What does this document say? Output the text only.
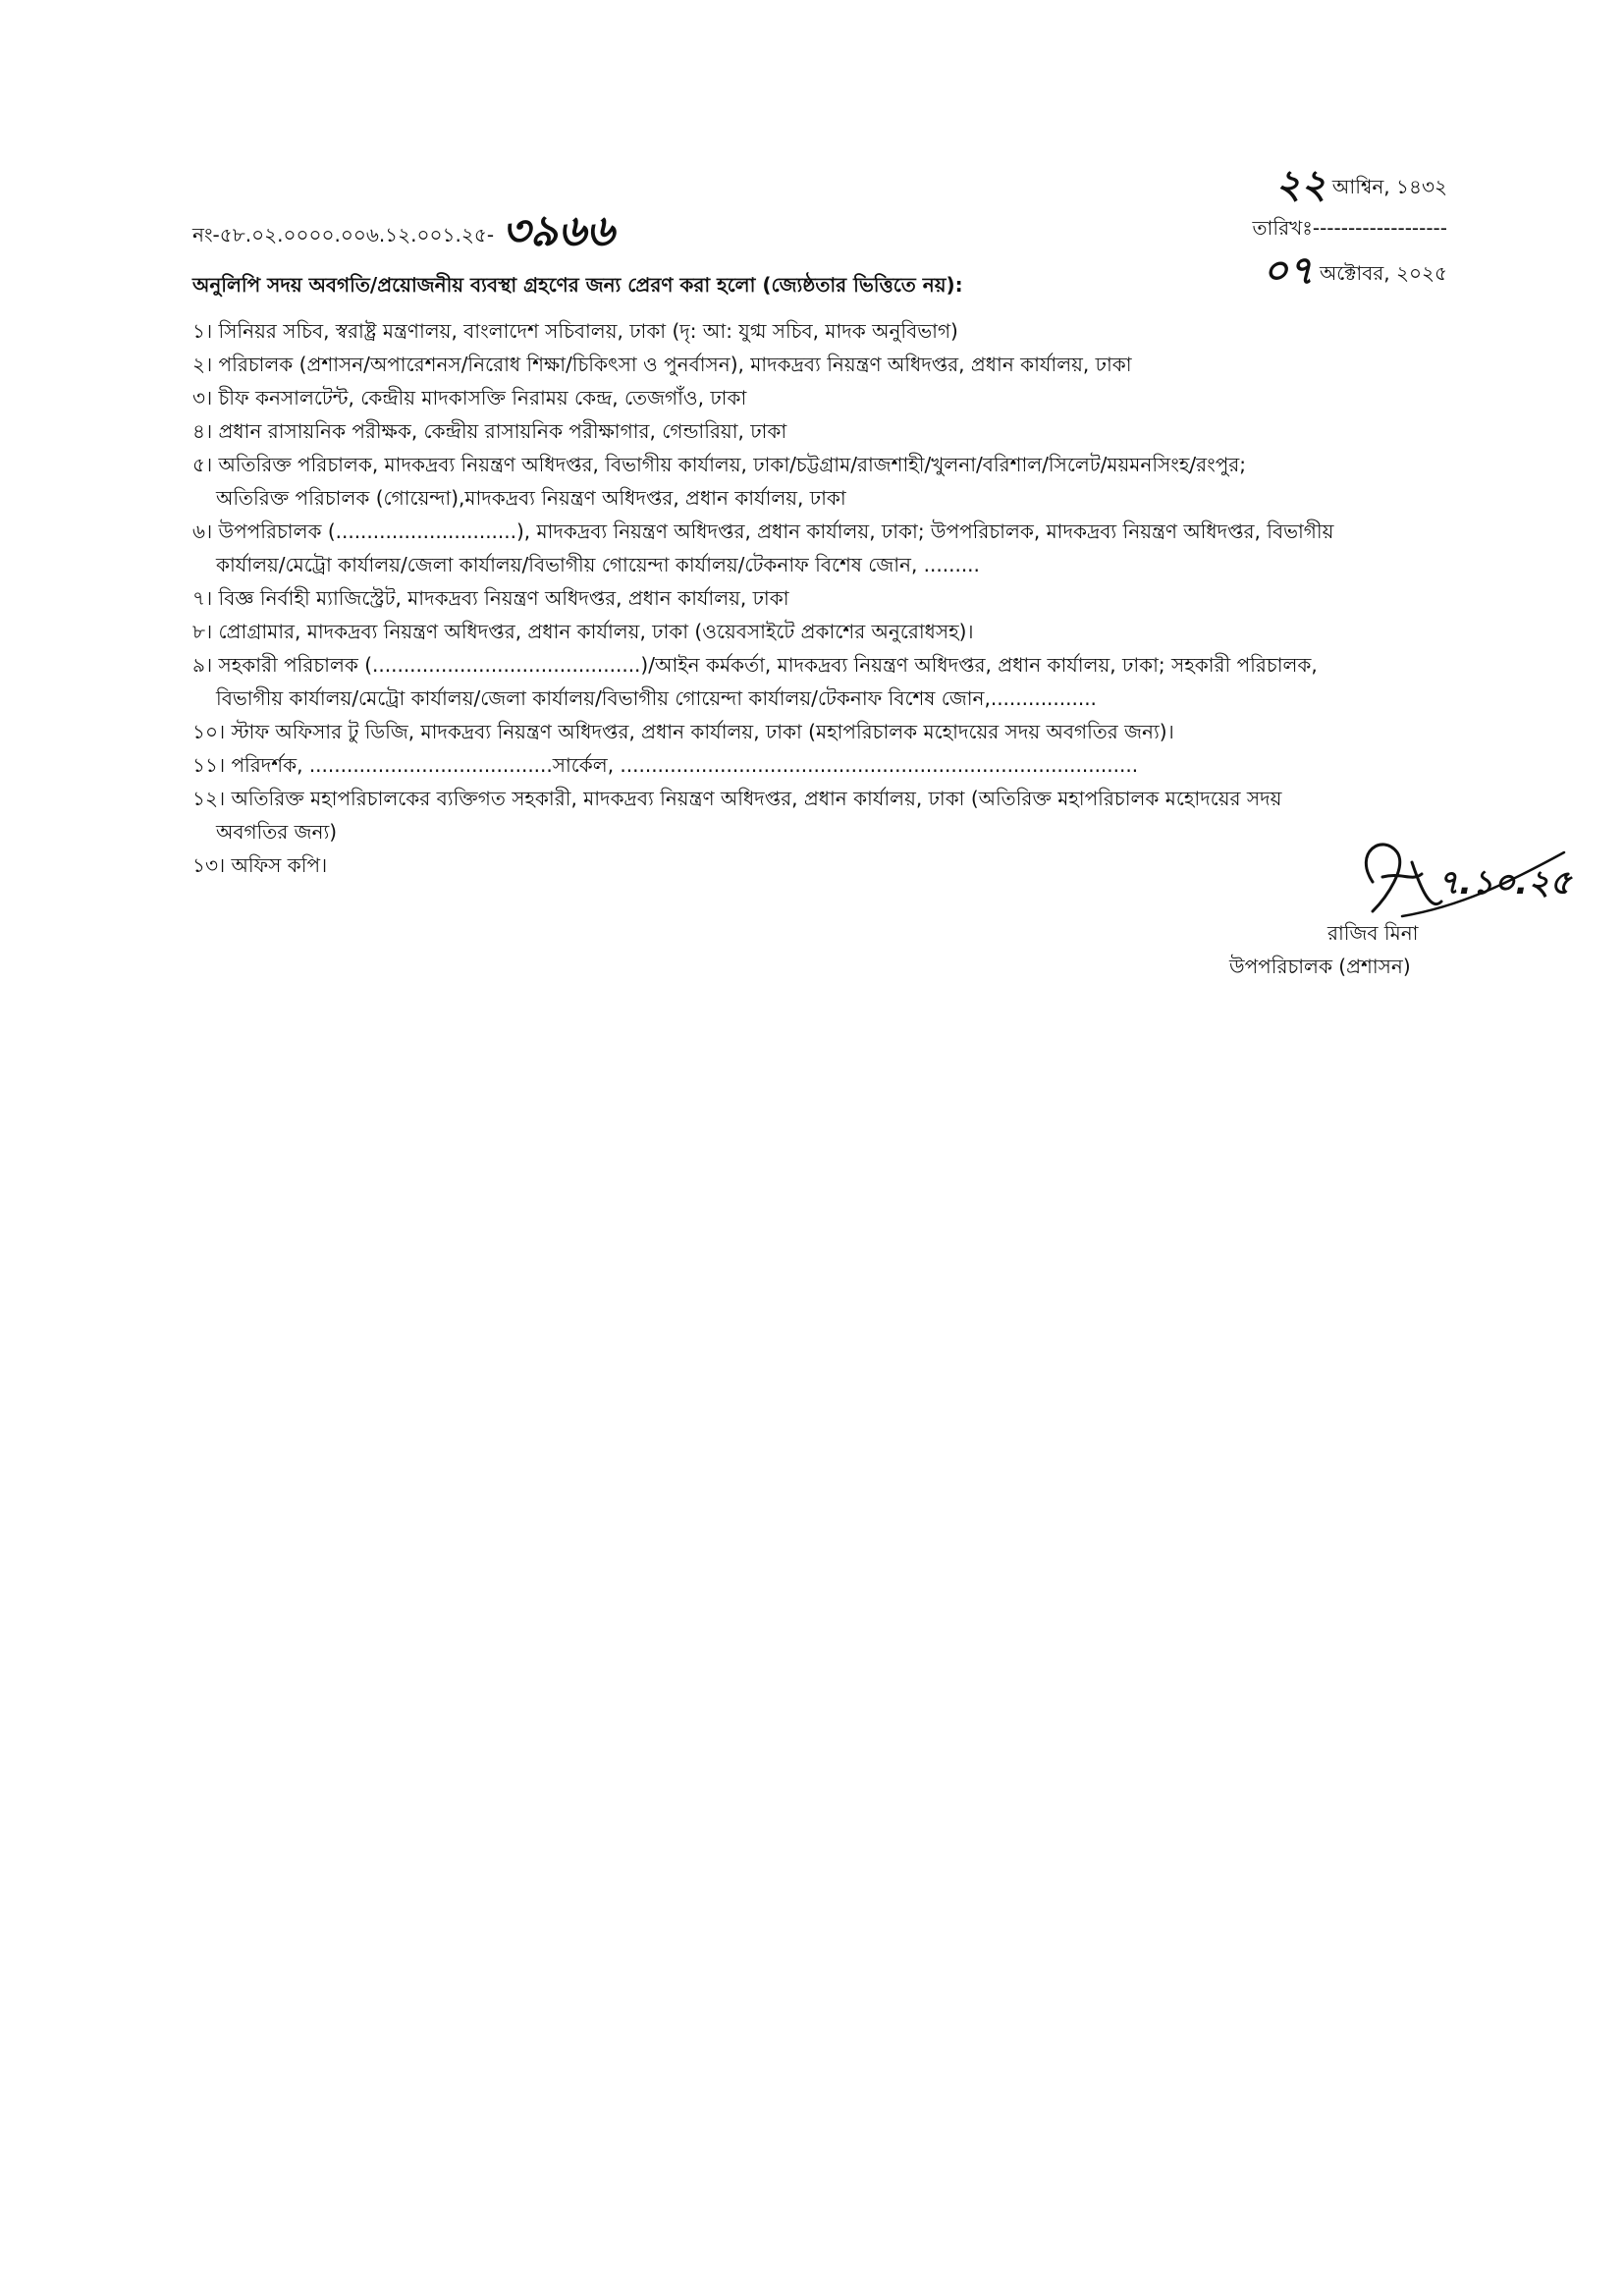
নং-৫৮.০২.০০০০.০০৬.১২.০০১.২৫- ৩৯৬৬
২২ আশ্বিন, ১৪৩২
তারিখঃ-------------------
০৭ অক্টোবর, ২০২৫
অনুলিপি সদয় অবগতি/প্রয়োজনীয় ব্যবস্থা গ্রহণের জন্য প্রেরণ করা হলো (জ্যেষ্ঠতার ভিত্তিতে নয়):
১। সিনিয়র সচিব, স্বরাষ্ট্র মন্ত্রণালয়, বাংলাদেশ সচিবালয়, ঢাকা (দৃ: আ: যুগ্ম সচিব, মাদক অনুবিভাগ)
২। পরিচালক (প্রশাসন/অপারেশনস/নিরোধ শিক্ষা/চিকিৎসা ও পুনর্বাসন), মাদকদ্রব্য নিয়ন্ত্রণ অধিদপ্তর, প্রধান কার্যালয়, ঢাকা
৩। চীফ কনসালটেন্ট, কেন্দ্রীয় মাদকাসক্তি নিরাময় কেন্দ্র, তেজগাঁও, ঢাকা
৪। প্রধান রাসায়নিক পরীক্ষক, কেন্দ্রীয় রাসায়নিক পরীক্ষাগার, গেন্ডারিয়া, ঢাকা
৫। অতিরিক্ত পরিচালক, মাদকদ্রব্য নিয়ন্ত্রণ অধিদপ্তর, বিভাগীয় কার্যালয়, ঢাকা/চট্টগ্রাম/রাজশাহী/খুলনা/বরিশাল/সিলেট/ময়মনসিংহ/রংপুর;
অতিরিক্ত পরিচালক (গোয়েন্দা),মাদকদ্রব্য নিয়ন্ত্রণ অধিদপ্তর, প্রধান কার্যালয়, ঢাকা
৬। উপপরিচালক (.............................), মাদকদ্রব্য নিয়ন্ত্রণ অধিদপ্তর, প্রধান কার্যালয়, ঢাকা; উপপরিচালক, মাদকদ্রব্য নিয়ন্ত্রণ অধিদপ্তর, বিভাগীয়
কার্যালয়/মেট্রো কার্যালয়/জেলা কার্যালয়/বিভাগীয় গোয়েন্দা কার্যালয়/টেকনাফ বিশেষ জোন, .........
৭। বিজ্ঞ নির্বাহী ম্যাজিস্ট্রেট, মাদকদ্রব্য নিয়ন্ত্রণ অধিদপ্তর, প্রধান কার্যালয়, ঢাকা
৮। প্রোগ্রামার, মাদকদ্রব্য নিয়ন্ত্রণ অধিদপ্তর, প্রধান কার্যালয়, ঢাকা (ওয়েবসাইটে প্রকাশের অনুরোধসহ)।
৯। সহকারী পরিচালক (...........................................)/আইন কর্মকর্তা, মাদকদ্রব্য নিয়ন্ত্রণ অধিদপ্তর, প্রধান কার্যালয়, ঢাকা; সহকারী পরিচালক,
বিভাগীয় কার্যালয়/মেট্রো কার্যালয়/জেলা কার্যালয়/বিভাগীয় গোয়েন্দা কার্যালয়/টেকনাফ বিশেষ জোন,.................
১০। স্টাফ অফিসার টু ডিজি, মাদকদ্রব্য নিয়ন্ত্রণ অধিদপ্তর, প্রধান কার্যালয়, ঢাকা (মহাপরিচালক মহোদয়ের সদয় অবগতির জন্য)।
১১। পরিদর্শক, .......................................সার্কেল, ...................................................................................
১২। অতিরিক্ত মহাপরিচালকের ব্যক্তিগত সহকারী, মাদকদ্রব্য নিয়ন্ত্রণ অধিদপ্তর, প্রধান কার্যালয়, ঢাকা (অতিরিক্ত মহাপরিচালক মহোদয়ের সদয়
অবগতির জন্য)
১৩। অফিস কপি।	৭.১০.২৫
রাজিব মিনা
উপপরিচালক (প্রশাসন)
